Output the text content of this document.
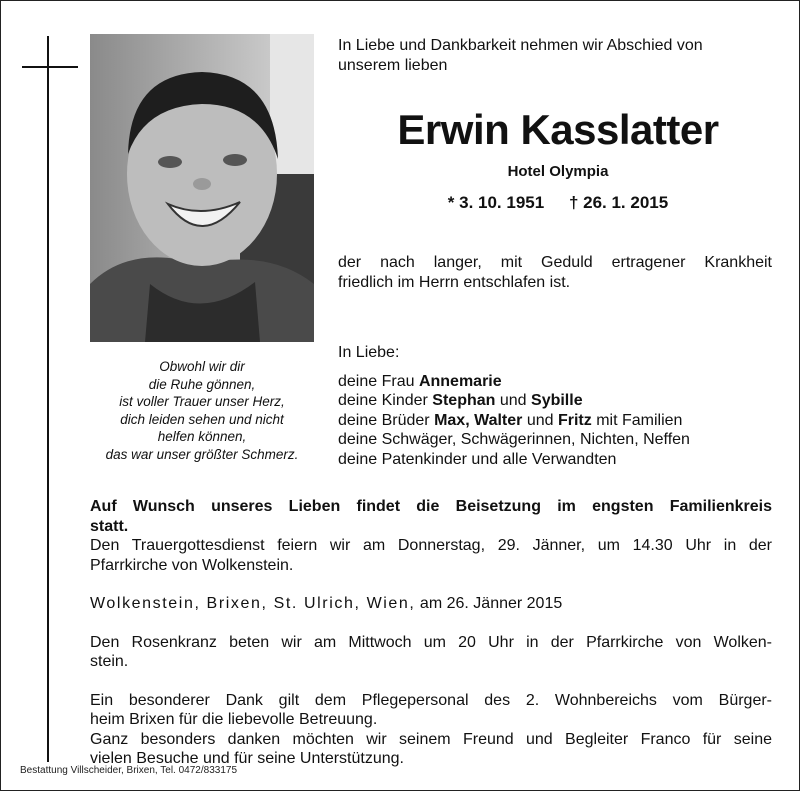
Obwohl wir dir
die Ruhe gönnen,
ist voller Trauer unser Herz,
dich leiden sehen und nicht
helfen können,
das war unser größter Schmerz.
In Liebe und Dankbarkeit nehmen wir Abschied von
unserem lieben
Erwin Kasslatter
Hotel Olympia
* 3. 10. 1951 † 26. 1. 2015
der nach langer, mit Geduld ertragener Krankheit
friedlich im Herrn entschlafen ist.
In Liebe:
deine Frau Annemarie
deine Kinder Stephan und Sybille
deine Brüder Max, Walter und Fritz mit Familien
deine Schwäger, Schwägerinnen, Nichten, Neffen
deine Patenkinder und alle Verwandten
Auf Wunsch unseres Lieben findet die Beisetzung im engsten Familienkreis
statt.
Den Trauergottesdienst feiern wir am Donnerstag, 29. Jänner, um 14.30 Uhr in der
Pfarrkirche von Wolkenstein.
Wolkenstein, Brixen, St. Ulrich, Wien, am 26. Jänner 2015
Den Rosenkranz beten wir am Mittwoch um 20 Uhr in der Pfarrkirche von Wolken-
stein.
Ein besonderer Dank gilt dem Pflegepersonal des 2. Wohnbereichs vom Bürger-
heim Brixen für die liebevolle Betreuung.
Ganz besonders danken möchten wir seinem Freund und Begleiter Franco für seine
vielen Besuche und für seine Unterstützung.
Bestattung Villscheider, Brixen, Tel. 0472/833175
